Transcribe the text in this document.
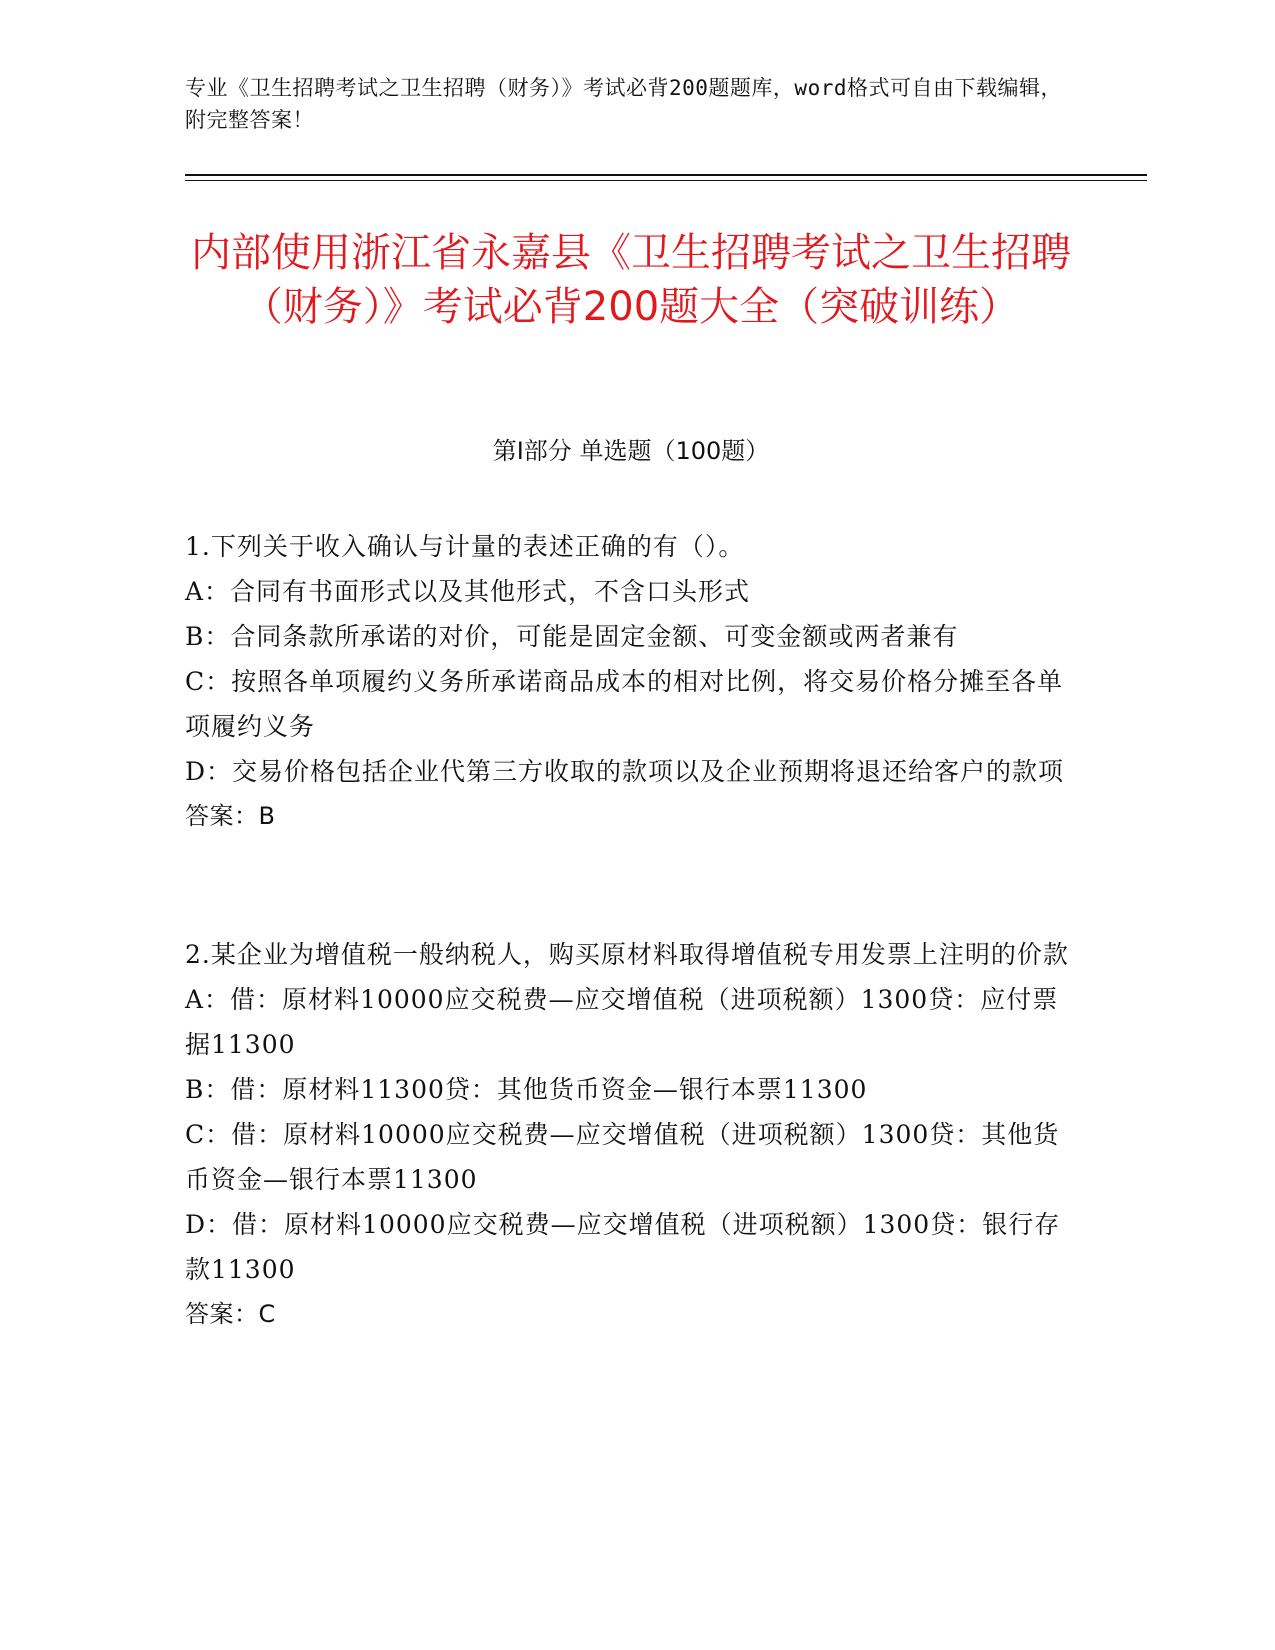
专业《卫生招聘考试之卫生招聘（财务）》考试必背200题题库，word格式可自由下载编辑，附完整答案！
内部使用浙江省永嘉县《卫生招聘考试之卫生招聘（财务）》考试必背200题大全（突破训练）
第I部分 单选题（100题）

1.下列关于收入确认与计量的表述正确的有（）。

A：合同有书面形式以及其他形式，不含口头形式

B：合同条款所承诺的对价，可能是固定金额、可变金额或两者兼有

C：按照各单项履约义务所承诺商品成本的相对比例，将交易价格分摊至各单项履约义务

D：交易价格包括企业代第三方收取的款项以及企业预期将退还给客户的款项

答案：B

2.某企业为增值税一般纳税人，购买原材料取得增值税专用发票上注明的价款

A：借：原材料10000应交税费—应交增值税（进项税额）1300贷：应付票据11300

B：借：原材料11300贷：其他货币资金—银行本票11300

C：借：原材料10000应交税费—应交增值税（进项税额）1300贷：其他货币资金—银行本票11300

D：借：原材料10000应交税费—应交增值税（进项税额）1300贷：银行存款11300

答案：C
